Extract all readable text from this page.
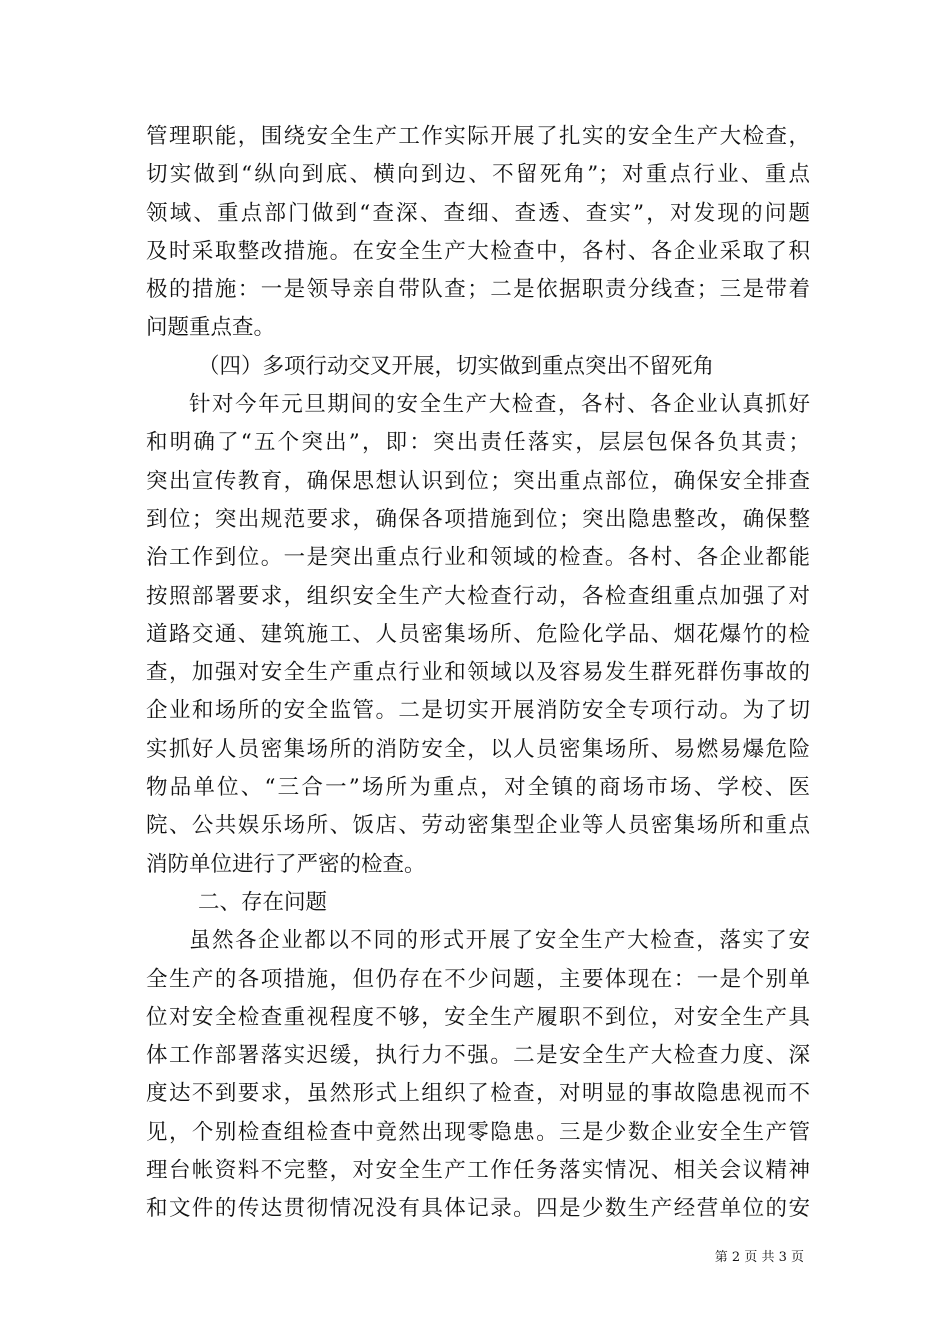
管理职能，围绕安全生产工作实际开展了扎实的安全生产大检查，
切实做到“纵向到底、横向到边、不留死角”；对重点行业、重点
领域、重点部门做到“查深、查细、查透、查实”，对发现的问题
及时采取整改措施。在安全生产大检查中，各村、各企业采取了积
极的措施：一是领导亲自带队查；二是依据职责分线查；三是带着
问题重点查。
（四）多项行动交叉开展，切实做到重点突出不留死角
针对今年元旦期间的安全生产大检查，各村、各企业认真抓好
和明确了“五个突出”，即：突出责任落实，层层包保各负其责；
突出宣传教育，确保思想认识到位；突出重点部位，确保安全排查
到位；突出规范要求，确保各项措施到位；突出隐患整改，确保整
治工作到位。一是突出重点行业和领域的检查。各村、各企业都能
按照部署要求，组织安全生产大检查行动，各检查组重点加强了对
道路交通、建筑施工、人员密集场所、危险化学品、烟花爆竹的检
查，加强对安全生产重点行业和领域以及容易发生群死群伤事故的
企业和场所的安全监管。二是切实开展消防安全专项行动。为了切
实抓好人员密集场所的消防安全，以人员密集场所、易燃易爆危险
物品单位、“三合一”场所为重点，对全镇的商场市场、学校、医
院、公共娱乐场所、饭店、劳动密集型企业等人员密集场所和重点
消防单位进行了严密的检查。
二、存在问题
虽然各企业都以不同的形式开展了安全生产大检查，落实了安
全生产的各项措施，但仍存在不少问题，主要体现在：一是个别单
位对安全检查重视程度不够，安全生产履职不到位，对安全生产具
体工作部署落实迟缓，执行力不强。二是安全生产大检查力度、深
度达不到要求，虽然形式上组织了检查，对明显的事故隐患视而不
见，个别检查组检查中竟然出现零隐患。三是少数企业安全生产管
理台帐资料不完整，对安全生产工作任务落实情况、相关会议精神
和文件的传达贯彻情况没有具体记录。四是少数生产经营单位的安
第 2 页 共 3 页
